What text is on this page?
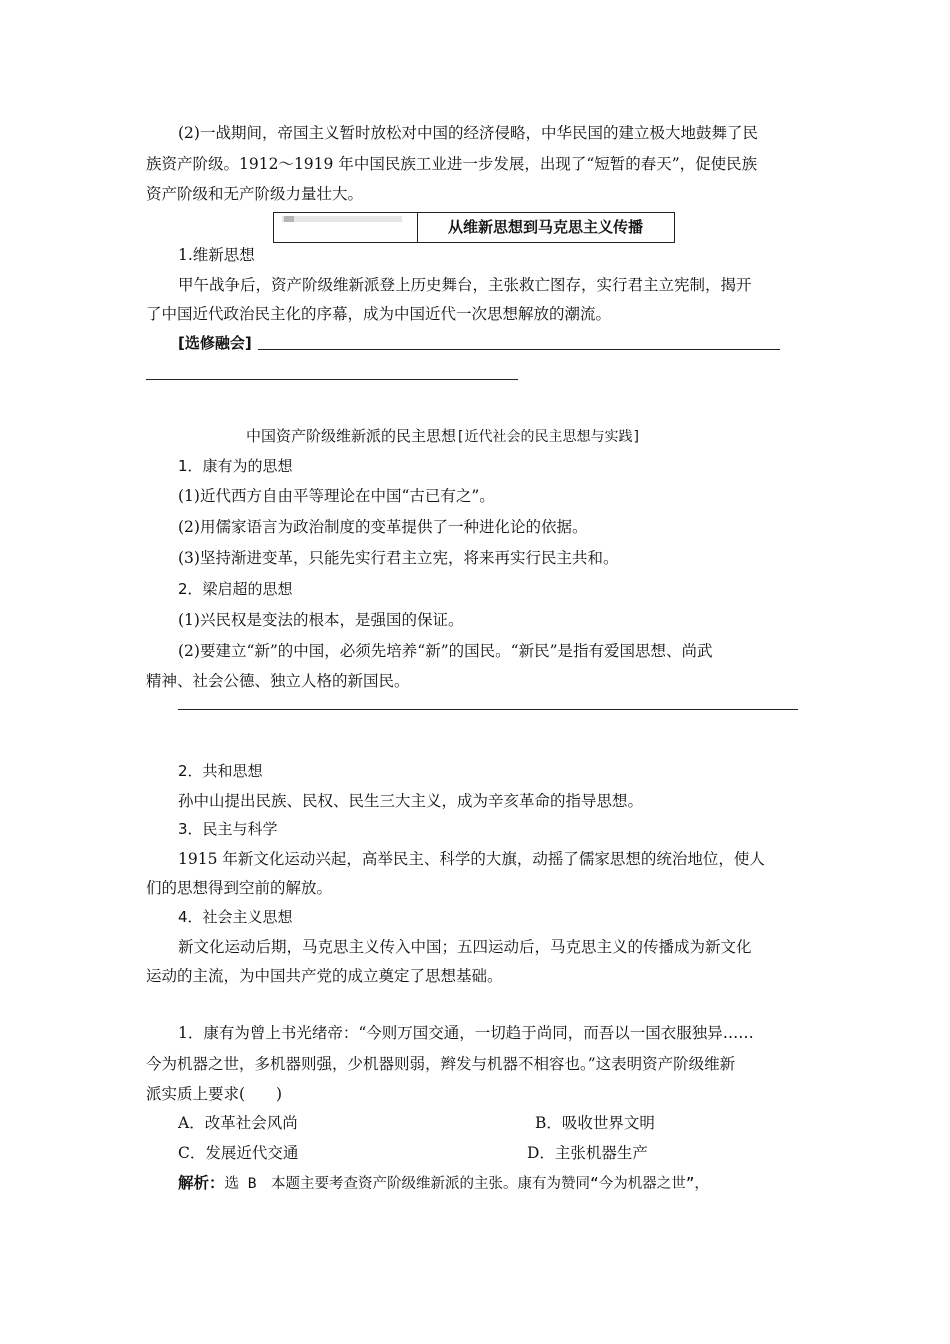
(2)一战期间，帝国主义暂时放松对中国的经济侵略，中华民国的建立极大地鼓舞了民
族资产阶级。1912～1919 年中国民族工业进一步发展，出现了“短暂的春天”，促使民族
资产阶级和无产阶级力量壮大。
从维新思想到马克思主义传播
1.维新思想
甲午战争后，资产阶级维新派登上历史舞台，主张救亡图存，实行君主立宪制，揭开
了中国近代政治民主化的序幕，成为中国近代一次思想解放的潮流。
[选修融会]
中国资产阶级维新派的民主思想[近代社会的民主思想与实践]
1．康有为的思想
(1)近代西方自由平等理论在中国“古已有之”。
(2)用儒家语言为政治制度的变革提供了一种进化论的依据。
(3)坚持渐进变革，只能先实行君主立宪，将来再实行民主共和。
2．梁启超的思想
(1)兴民权是变法的根本，是强国的保证。
(2)要建立“新”的中国，必须先培养“新”的国民。“新民”是指有爱国思想、尚武
精神、社会公德、独立人格的新国民。
2．共和思想
孙中山提出民族、民权、民生三大主义，成为辛亥革命的指导思想。
3．民主与科学
1915 年新文化运动兴起，高举民主、科学的大旗，动摇了儒家思想的统治地位，使人
们的思想得到空前的解放。
4．社会主义思想
新文化运动后期，马克思主义传入中国；五四运动后，马克思主义的传播成为新文化
运动的主流，为中国共产党的成立奠定了思想基础。
1．康有为曾上书光绪帝：“今则万国交通，一切趋于尚同，而吾以一国衣服独异……
今为机器之世，多机器则强，少机器则弱，辫发与机器不相容也。”这表明资产阶级维新
派实质上要求(　　)
A．改革社会风尚	B．吸收世界文明
C．发展近代交通	D．主张机器生产
解析：选 B　本题主要考查资产阶级维新派的主张。康有为赞同“今为机器之世”，
